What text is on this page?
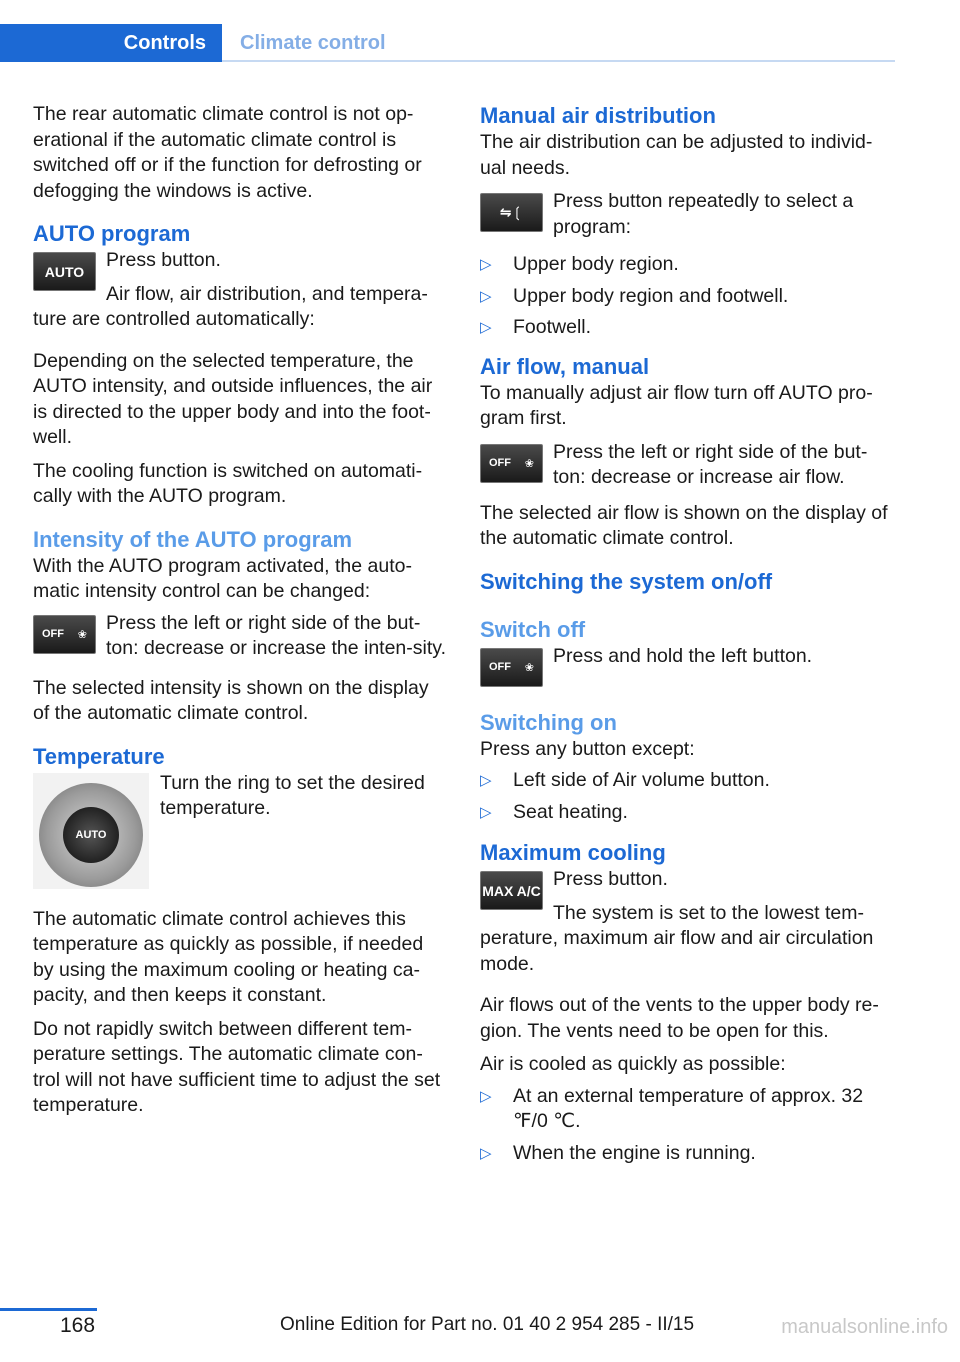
Controls	Climate control

The rear automatic climate control is not op-erational if the automatic climate control is switched off or if the function for defrosting or defogging the windows is active.

AUTO program
AUTO

Press button.

Air flow, air distribution, and tempera-ture are controlled automatically:

Depending on the selected temperature, the AUTO intensity, and outside influences, the air is directed to the upper body and into the foot-well.

The cooling function is switched on automati-cally with the AUTO program.

Intensity of the AUTO program

With the AUTO program activated, the auto-matic intensity control can be changed:

OFF ❀

Press the left or right side of the but-ton: decrease or increase the inten-sity.

The selected intensity is shown on the display of the automatic climate control.

Temperature
AUTO

Turn the ring to set the desired temperature.

The automatic climate control achieves this temperature as quickly as possible, if needed by using the maximum cooling or heating ca-pacity, and then keeps it constant.

Do not rapidly switch between different tem-perature settings. The automatic climate con-trol will not have sufficient time to adjust the set temperature.

Manual air distribution

The air distribution can be adjusted to individ-ual needs.

⇋❲	Press button repeatedly to select a program:

▷ Upper body region.
▷ Upper body region and footwell.
▷ Footwell.
Air flow, manual

To manually adjust air flow turn off AUTO pro-gram first.

OFF ❀

Press the left or right side of the but-ton: decrease or increase air flow.

The selected air flow is shown on the display of the automatic climate control.

Switching the system on/off
Switch off
OFF ❀

Press and hold the left button.

Switching on

Press any button except:

▷ Left side of Air volume button.
▷ Seat heating.
Maximum cooling
MAX A/C

Press button.

The system is set to the lowest tem-perature, maximum air flow and air circulation mode.

Air flows out of the vents to the upper body re-gion. The vents need to be open for this.

Air is cooled as quickly as possible:

▷ At an external temperature of approx. 32 ℉/0 ℃.
▷ When the engine is running.
168	Online Edition for Part no. 01 40 2 954 285 - II/15	manualsonline.info
